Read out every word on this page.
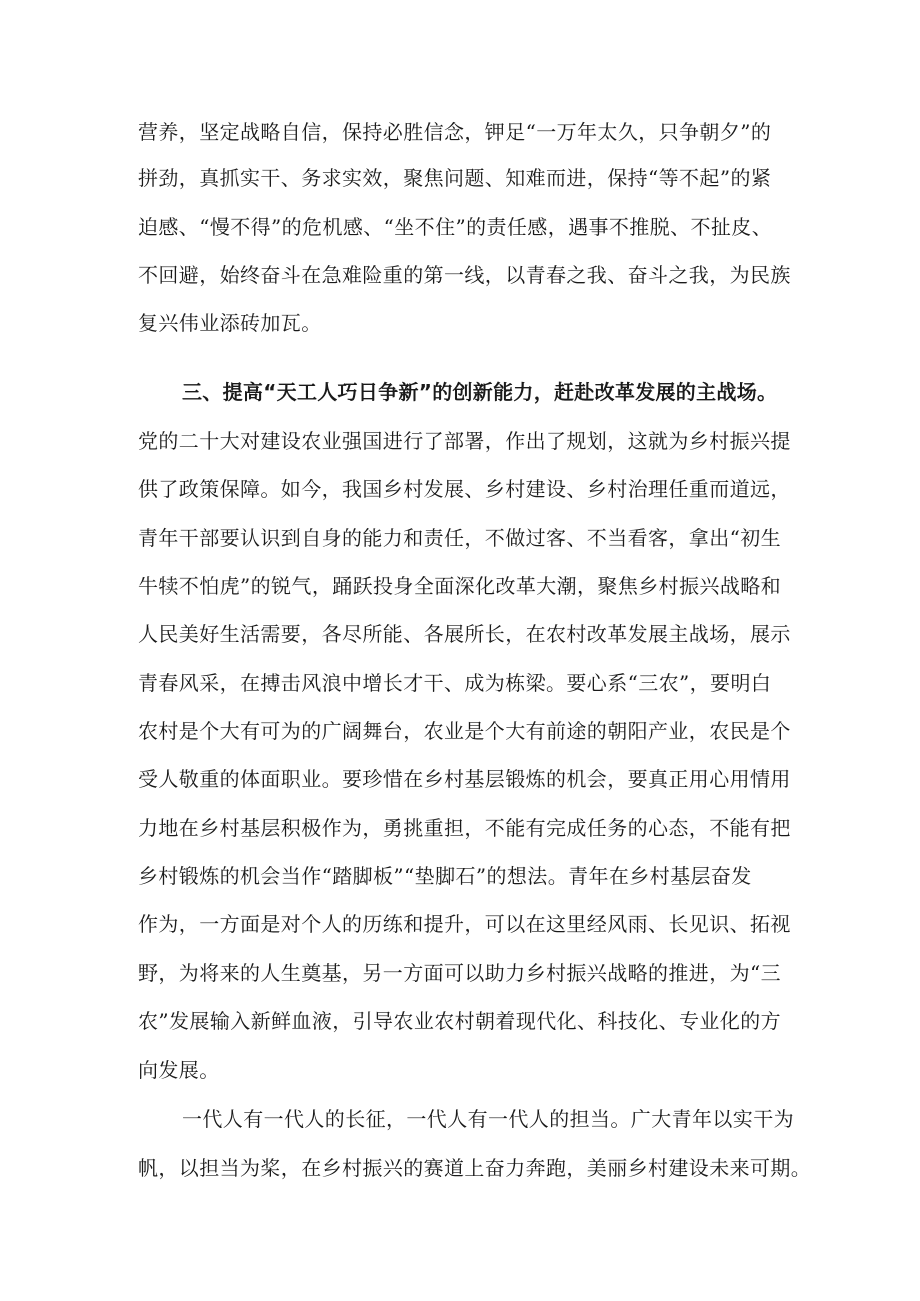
营养，坚定战略自信，保持必胜信念，钾足“一万年太久，只争朝夕”的
拼劲，真抓实干、务求实效，聚焦问题、知难而进，保持“等不起”的紧
迫感、“慢不得”的危机感、“坐不住”的责任感，遇事不推脱、不扯皮、
不回避，始终奋斗在急难险重的第一线，以青春之我、奋斗之我，为民族
复兴伟业添砖加瓦。
三、提高“天工人巧日争新”的创新能力，赶赴改革发展的主战场。
党的二十大对建设农业强国进行了部署，作出了规划，这就为乡村振兴提
供了政策保障。如今，我国乡村发展、乡村建设、乡村治理任重而道远，
青年干部要认识到自身的能力和责任，不做过客、不当看客，拿出“初生
牛犊不怕虎”的锐气，踊跃投身全面深化改革大潮，聚焦乡村振兴战略和
人民美好生活需要，各尽所能、各展所长，在农村改革发展主战场，展示
青春风采，在搏击风浪中增长才干、成为栋梁。要心系“三农”，要明白
农村是个大有可为的广阔舞台，农业是个大有前途的朝阳产业，农民是个
受人敬重的体面职业。要珍惜在乡村基层锻炼的机会，要真正用心用情用
力地在乡村基层积极作为，勇挑重担，不能有完成任务的心态，不能有把
乡村锻炼的机会当作“踏脚板”“垫脚石”的想法。青年在乡村基层奋发
作为，一方面是对个人的历练和提升，可以在这里经风雨、长见识、拓视
野，为将来的人生奠基，另一方面可以助力乡村振兴战略的推进，为“三
农”发展输入新鲜血液，引导农业农村朝着现代化、科技化、专业化的方
向发展。
一代人有一代人的长征，一代人有一代人的担当。广大青年以实干为
帆，以担当为桨，在乡村振兴的赛道上奋力奔跑，美丽乡村建设未来可期。
